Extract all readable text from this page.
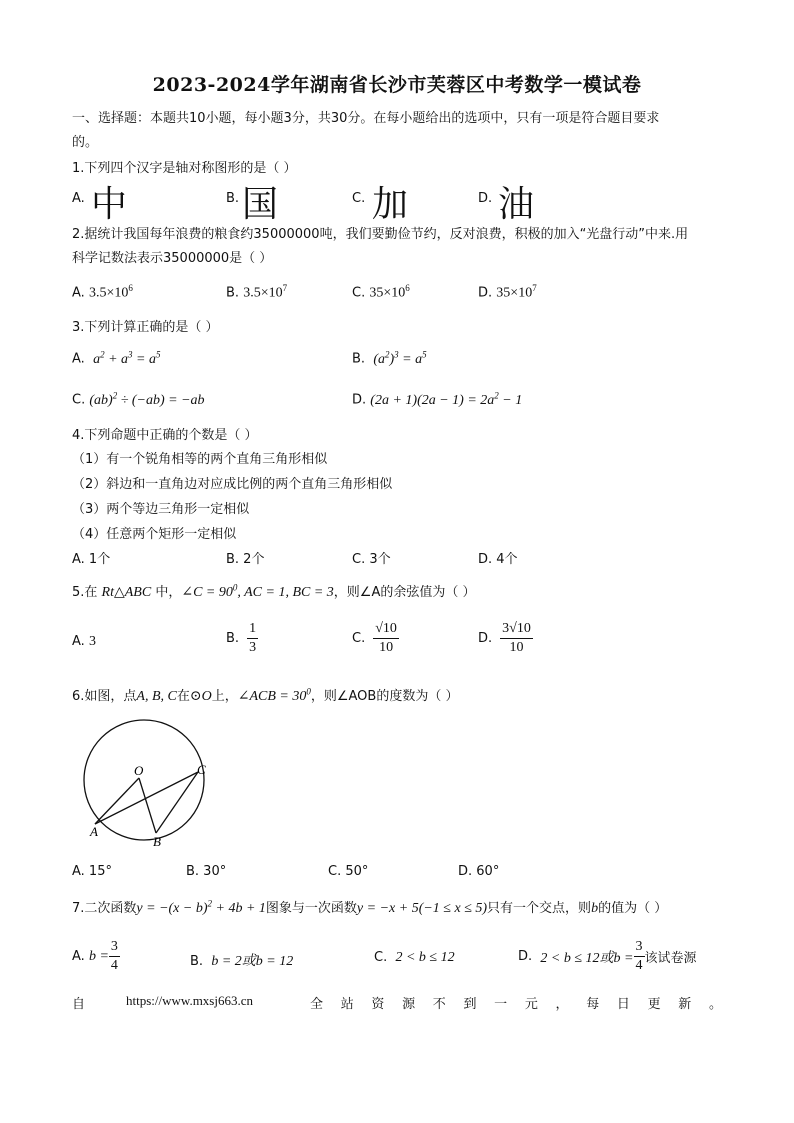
2023-2024学年湖南省长沙市芙蓉区中考数学一模试卷
一、选择题：本题共10小题，每小题3分，共30分。在每小题给出的选项中，只有一项是符合题目要求
的。
1.下列四个汉字是轴对称图形的是（ ）
A. 中	B. 国	C. 加	D. 油
2.据统计我国每年浪费的粮食约35000000吨，我们要勤俭节约，反对浪费，积极的加入“光盘行动”中来.用
科学记数法表示35000000是（ ）
A. $3.5\times 10^6$	B. $3.5\times 10^7$	C. $35\times 10^6$	D. $35\times 10^7$
3.下列计算正确的是（ ）
A. $a^2 + a^3 = a^5$	B. $(a^2)^3 = a^5$
C. (ab)$^2$ ÷ (−ab) = −ab	D. $(2a + 1)(2a - 1) = 2a^2 - 1$
4.下列命题中正确的个数是（ ）
（1）有一个锐角相等的两个直角三角形相似
（2）斜边和一直角边对应成比例的两个直角三角形相似
（3）两个等边三角形一定相似
（4）任意两个矩形一定相似
A. 1个	B. 2个	C. 3个	D. 4个
5.在 Rt△ABC 中，∠C = $90^0$, AC = 1, BC = 3，则∠A的余弦值为（ ）
A. 3	B. $\frac{1}{3}$	C. $\frac{√10}{10}$	D. $\frac{3√10}{10}$
6.如图，点A, B, C在⊙O上，∠ACB = $30^0$，则∠AOB的度数为（ ）
O
A
B
C
A. 15°	B. 30°	C. 50°	D. 60°
7.二次函数$y = -(x - b)^2 + 4b + 1$图象与一次函数y = −x + 5(−1 ≤ x ≤ 5)只有一个交点，则b的值为（ ）
A. $b = \frac{3}{4}$	B. b = 2或b = 12	C. 2 < b ≤ 12	D. 2 < b ≤ 12或$b = \frac{3}{4}$ 该试卷源
自	https://www.mxsj663.cn	全 站 资 源 不 到 一 元 ， 每 日 更 新 。
